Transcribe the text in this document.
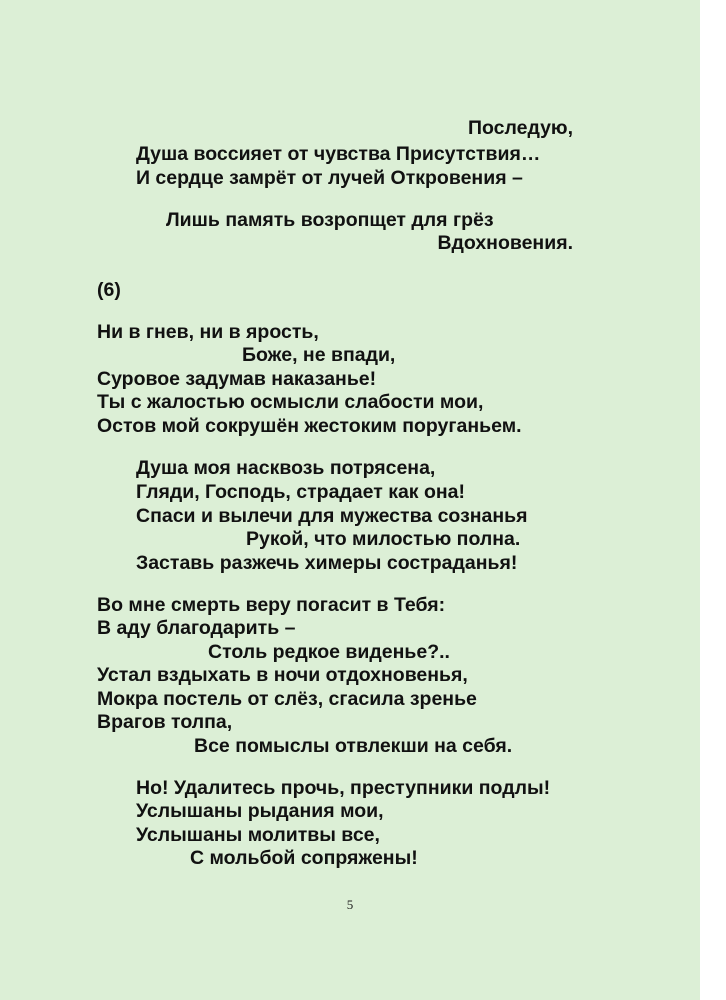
Последую,
Душа воссияет от чувства Присутствия…
И сердце замрёт от лучей Откровения –
Лишь память возропщет для грёз
Вдохновения.
(6)
Ни в гнев, ни в ярость,
Боже, не впади,
Суровое задумав наказанье!
Ты с жалостью осмысли слабости мои,
Остов мой сокрушён жестоким поруганьем.
Душа моя насквозь потрясена,
Гляди, Господь, страдает как она!
Спаси и вылечи для мужества сознанья
Рукой, что милостью полна.
Заставь разжечь химеры состраданья!
Во мне смерть веру погасит в Тебя:
В аду благодарить –
Столь редкое виденье?..
Устал вздыхать в ночи отдохновенья,
Мокра постель от слёз, сгасила зренье
Врагов толпа,
Все помыслы отвлекши на себя.
Но! Удалитесь прочь, преступники подлы!
Услышаны рыдания мои,
Услышаны молитвы все,
С мольбой сопряжены!
5
